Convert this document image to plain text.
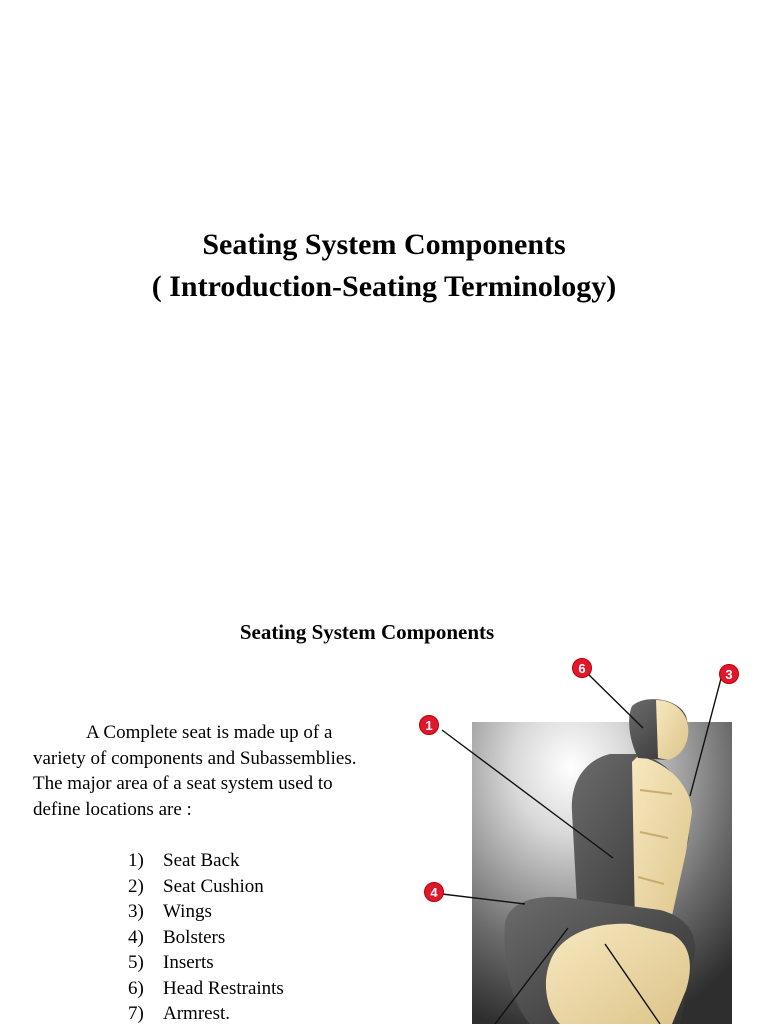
Seating System Components
( Introduction-Seating Terminology)
Seating System Components
A Complete seat is made up of a
variety of components and Subassemblies.
The major area of a seat system used to
define locations are :
1) Seat Back
2) Seat Cushion
3) Wings
4) Bolsters
5) Inserts
6) Head Restraints
7) Armrest.
6	3
1
4
